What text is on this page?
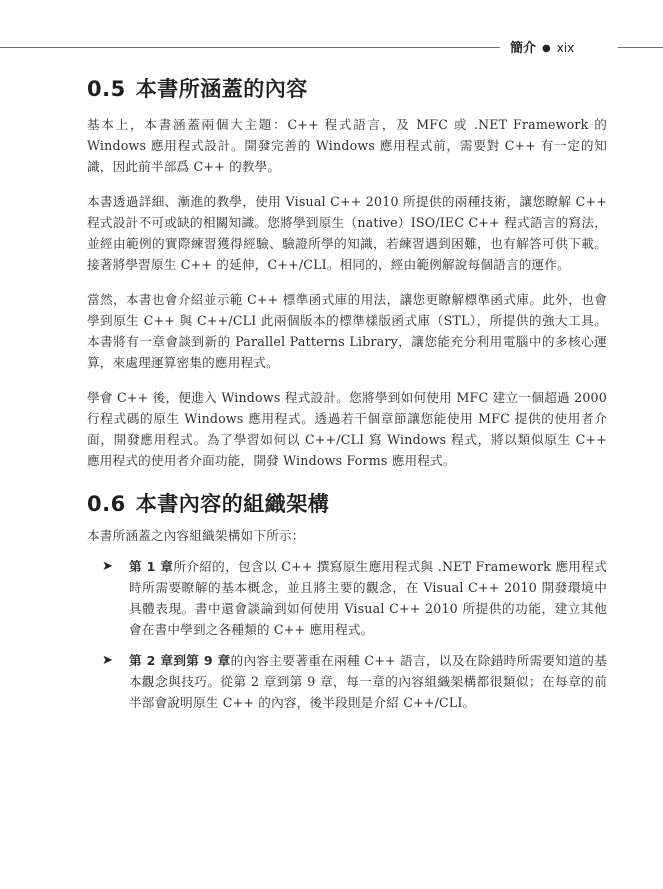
簡介 ● xix
0.5 本書所涵蓋的內容

基本上，本書涵蓋兩個大主題：C++ 程式語言，及 MFC 或 .NET Framework 的 Windows 應用程式設計。開發完善的 Windows 應用程式前，需要對 C++ 有一定的知識，因此前半部爲 C++ 的教學。

本書透過詳細、漸進的教學，使用 Visual C++ 2010 所提供的兩種技術，讓您瞭解 C++ 程式設計不可或缺的相關知識。您將學到原生（native）ISO/IEC C++ 程式語言的寫法，並經由範例的實際練習獲得經驗、驗證所學的知識，若練習遇到困難，也有解答可供下載。接著將學習原生 C++ 的延伸，C++/CLI。相同的，經由範例解說每個語言的運作。

當然，本書也會介紹並示範 C++ 標準函式庫的用法，讓您更瞭解標準函式庫。此外，也會學到原生 C++ 與 C++/CLI 此兩個版本的標準樣版函式庫（STL），所提供的強大工具。本書將有一章會談到新的 Parallel Patterns Library，讓您能充分利用電腦中的多核心運算，來處理運算密集的應用程式。

學會 C++ 後，便進入 Windows 程式設計。您將學到如何使用 MFC 建立一個超過 2000 行程式碼的原生 Windows 應用程式。透過若干個章節讓您能使用 MFC 提供的使用者介面，開發應用程式。為了學習如何以 C++/CLI 寫 Windows 程式，將以類似原生 C++ 應用程式的使用者介面功能，開發 Windows Forms 應用程式。

0.6 本書內容的組織架構

本書所涵蓋之內容組織架構如下所示：

➤ 第 1 章所介紹的，包含以 C++ 撰寫原生應用程式與 .NET Framework 應用程式時所需要瞭解的基本概念，並且將主要的觀念，在 Visual C++ 2010 開發環境中具體表現。書中還會談論到如何使用 Visual C++ 2010 所提供的功能，建立其他會在書中學到之各種類的 C++ 應用程式。

➤ 第 2 章到第 9 章的內容主要著重在兩種 C++ 語言，以及在除錯時所需要知道的基本觀念與技巧。從第 2 章到第 9 章，每一章的內容組織架構都很類似；在每章的前半部會說明原生 C++ 的內容，後半段則是介紹 C++/CLI。
